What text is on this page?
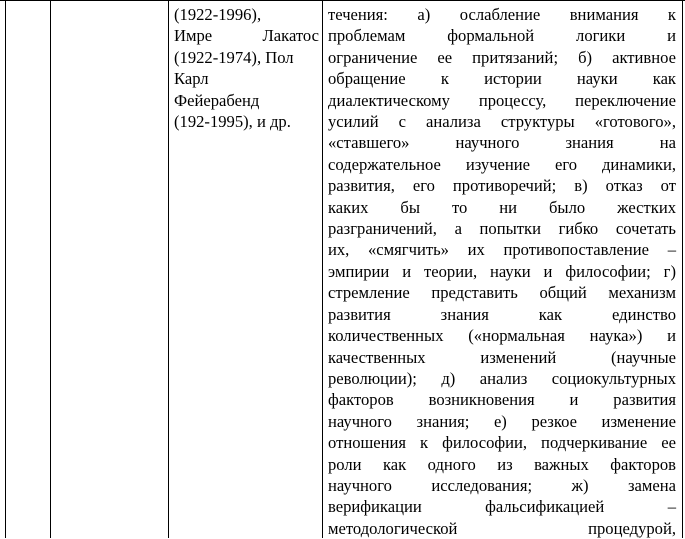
(1922-1996),
Имре Лакатос
(1922-1974), Пол
Карл
Фейерабенд
(192-1995), и др.
течения: а) ослабление внимания к
проблемам формальной логики и
ограничение ее притязаний; б) активное
обращение к истории науки как
диалектическому процессу, переключение
усилий с анализа структуры «готового»,
«ставшего» научного знания на
содержательное изучение его динамики,
развития, его противоречий; в) отказ от
каких бы то ни было жестких
разграничений, а попытки гибко сочетать
их, «смягчить» их противопоставление –
эмпирии и теории, науки и философии; г)
стремление представить общий механизм
развития знания как единство
количественных («нормальная наука») и
качественных изменений (научные
революции); д) анализ социокультурных
факторов возникновения и развития
научного знания; е) резкое изменение
отношения к философии, подчеркивание ее
роли как одного из важных факторов
научного исследования; ж) замена
верификации фальсификацией –
методологической процедурой,
